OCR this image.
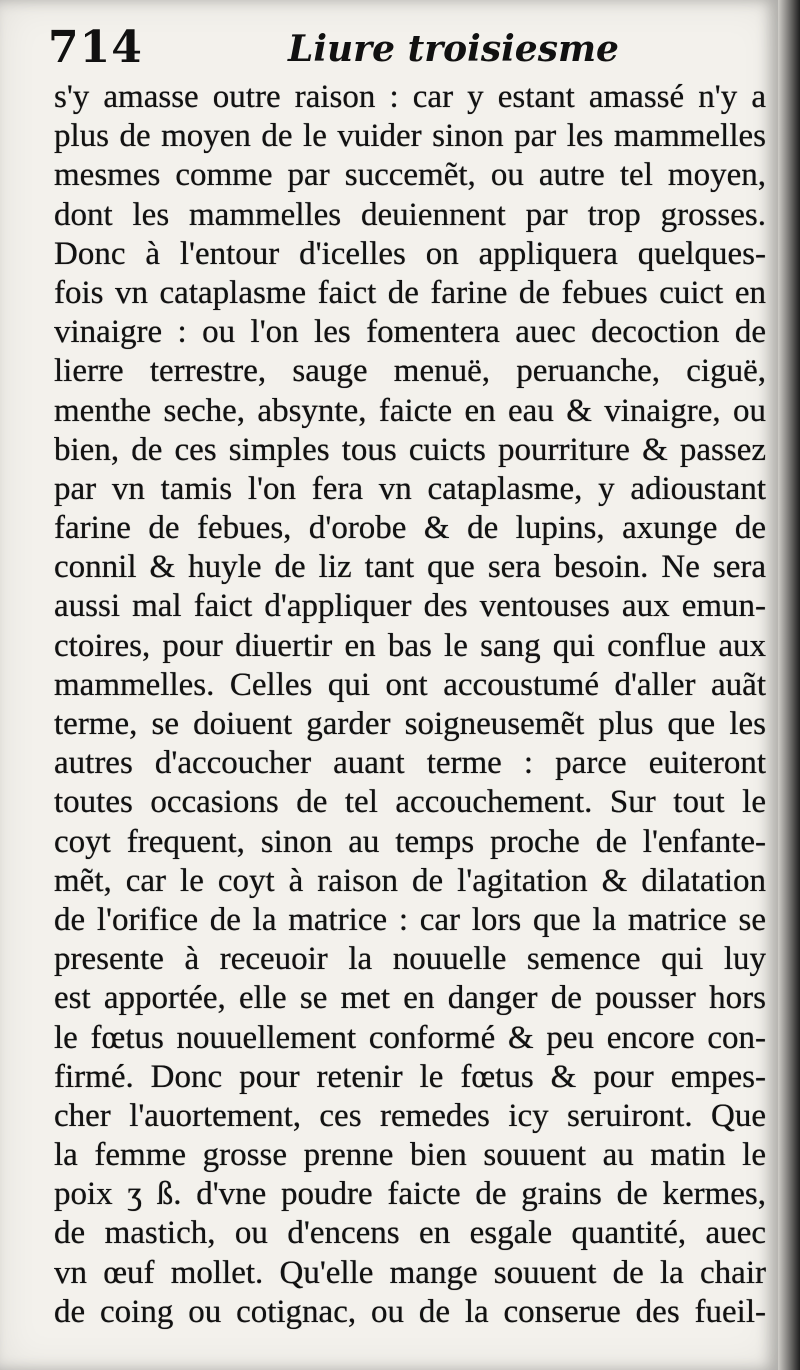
714	Liure troisiesme
s'y amasse outre raison : car y estant amassé n'y a
plus de moyen de le vuider sinon par les mammelles
mesmes comme par succemẽt, ou autre tel moyen,
dont les mammelles deuiennent par trop grosses.
Donc à l'entour d'icelles on appliquera quelques-
fois vn cataplasme faict de farine de febues cuict en
vinaigre : ou l'on les fomentera auec decoction de
lierre terrestre, sauge menuë, peruanche, ciguë,
menthe seche, absynte, faicte en eau & vinaigre, ou
bien, de ces simples tous cuicts pourriture & passez
par vn tamis l'on fera vn cataplasme, y adioustant
farine de febues, d'orobe & de lupins, axunge de
connil & huyle de liz tant que sera besoin. Ne sera
aussi mal faict d'appliquer des ventouses aux emun-
ctoires, pour diuertir en bas le sang qui conflue aux
mammelles. Celles qui ont accoustumé d'aller auãt
terme, se doiuent garder soigneusemẽt plus que les
autres d'accoucher auant terme : parce euiteront
toutes occasions de tel accouchement. Sur tout le
coyt frequent, sinon au temps proche de l'enfante-
mẽt, car le coyt à raison de l'agitation & dilatation
de l'orifice de la matrice : car lors que la matrice se
presente à receuoir la nouuelle semence qui luy
est apportée, elle se met en danger de pousser hors
le fœtus nouuellement conformé & peu encore con-
firmé. Donc pour retenir le fœtus & pour empes-
cher l'auortement, ces remedes icy seruiront. Que
la femme grosse prenne bien souuent au matin le
poix ʒ ß. d'vne poudre faicte de grains de kermes,
de mastich, ou d'encens en esgale quantité, auec
vn œuf mollet. Qu'elle mange souuent de la chair
de coing ou cotignac, ou de la conserue des fueil-
